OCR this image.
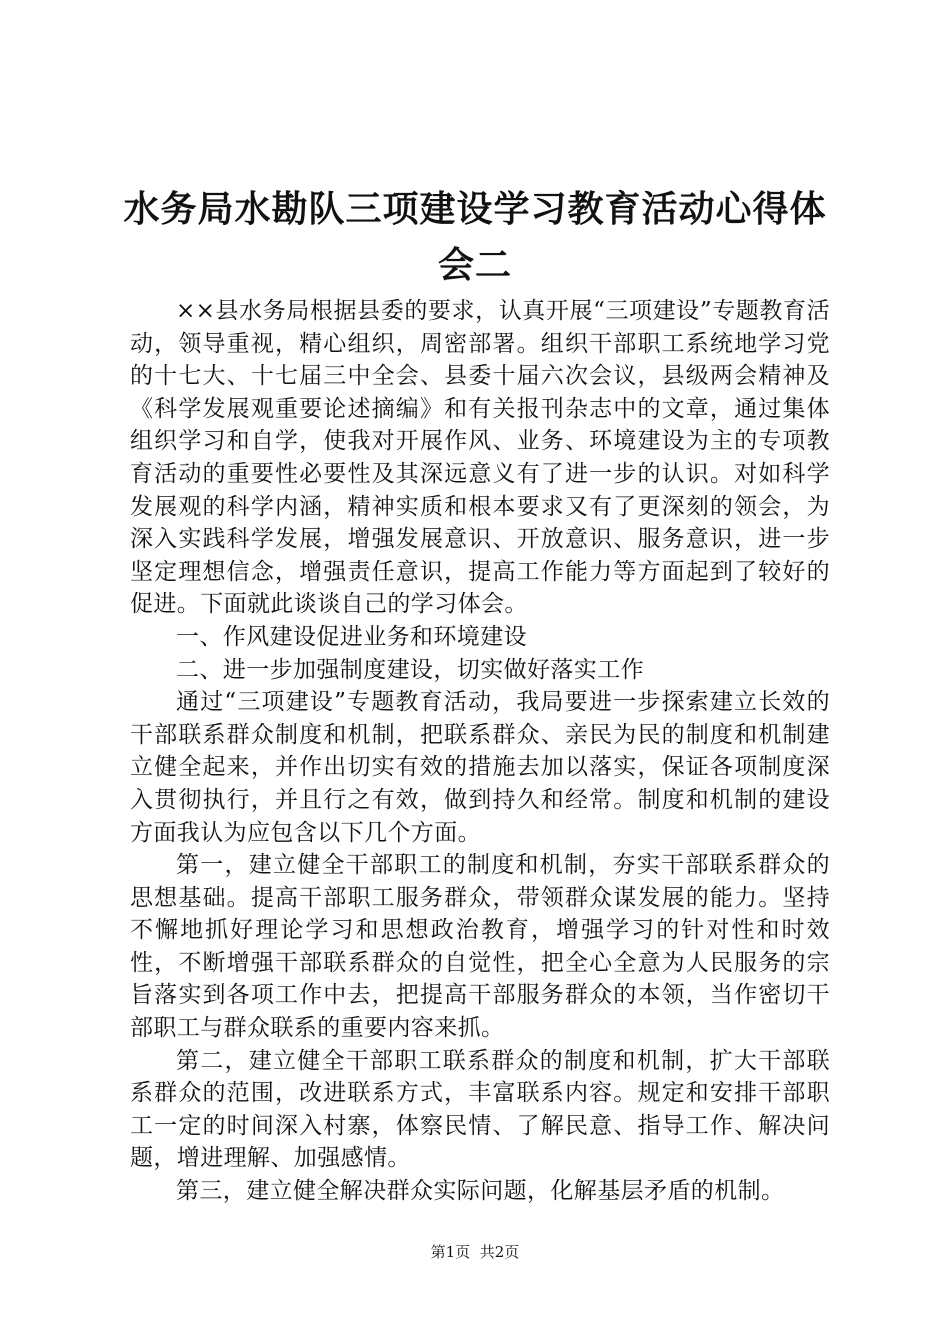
水务局水勘队三项建设学习教育活动心得体会二

××县水务局根据县委的要求，认真开展“三项建设”专题教育活动，领导重视，精心组织，周密部署。组织干部职工系统地学习党的十七大、十七届三中全会、县委十届六次会议，县级两会精神及《科学发展观重要论述摘编》和有关报刊杂志中的文章，通过集体组织学习和自学，使我对开展作风、业务、环境建设为主的专项教育活动的重要性必要性及其深远意义有了进一步的认识。对如科学发展观的科学内涵，精神实质和根本要求又有了更深刻的领会，为深入实践科学发展，增强发展意识、开放意识、服务意识，进一步坚定理想信念，增强责任意识，提高工作能力等方面起到了较好的促进。下面就此谈谈自己的学习体会。

一、作风建设促进业务和环境建设

二、进一步加强制度建设，切实做好落实工作

通过“三项建设”专题教育活动，我局要进一步探索建立长效的干部联系群众制度和机制，把联系群众、亲民为民的制度和机制建立健全起来，并作出切实有效的措施去加以落实，保证各项制度深入贯彻执行，并且行之有效，做到持久和经常。制度和机制的建设方面我认为应包含以下几个方面。

第一，建立健全干部职工的制度和机制，夯实干部联系群众的思想基础。提高干部职工服务群众，带领群众谋发展的能力。坚持不懈地抓好理论学习和思想政治教育，增强学习的针对性和时效性，不断增强干部联系群众的自觉性，把全心全意为人民服务的宗旨落实到各项工作中去，把提高干部服务群众的本领，当作密切干部职工与群众联系的重要内容来抓。

第二，建立健全干部职工联系群众的制度和机制，扩大干部联系群众的范围，改进联系方式，丰富联系内容。规定和安排干部职工一定的时间深入村寨，体察民情、了解民意、指导工作、解决问题，增进理解、加强感情。

第三，建立健全解决群众实际问题，化解基层矛盾的机制。

第1页 共2页
